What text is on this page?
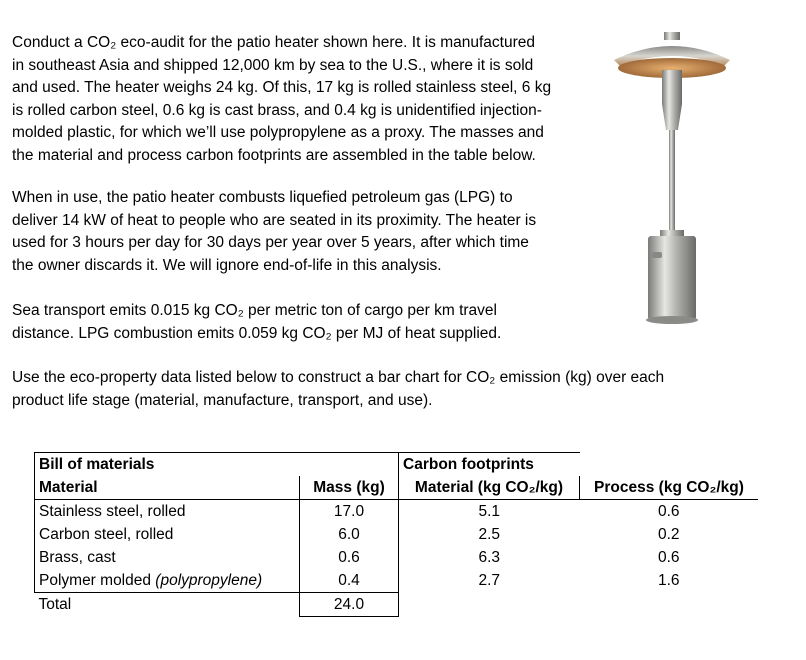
Conduct a CO₂ eco-audit for the patio heater shown here. It is manufactured
in southeast Asia and shipped 12,000 km by sea to the U.S., where it is sold
and used. The heater weighs 24 kg. Of this, 17 kg is rolled stainless steel, 6 kg
is rolled carbon steel, 0.6 kg is cast brass, and 0.4 kg is unidentified injection-
molded plastic, for which we’ll use polypropylene as a proxy. The masses and
the material and process carbon footprints are assembled in the table below.
When in use, the patio heater combusts liquefied petroleum gas (LPG) to
deliver 14 kW of heat to people who are seated in its proximity. The heater is
used for 3 hours per day for 30 days per year over 5 years, after which time
the owner discards it. We will ignore end-of-life in this analysis.
Sea transport emits 0.015 kg CO₂ per metric ton of cargo per km travel
distance. LPG combustion emits 0.059 kg CO₂ per MJ of heat supplied.
Use the eco-property data listed below to construct a bar chart for CO₂ emission (kg) over each
product life stage (material, manufacture, transport, and use).
Bill of materials		Carbon footprints	
Material	Mass (kg)	Material (kg CO₂/kg)	Process (kg CO₂/kg)
Stainless steel, rolled	17.0	5.1	0.6
Carbon steel, rolled	6.0	2.5	0.2
Brass, cast	0.6	6.3	0.6
Polymer molded (polypropylene)	0.4	2.7	1.6
Total	24.0		
